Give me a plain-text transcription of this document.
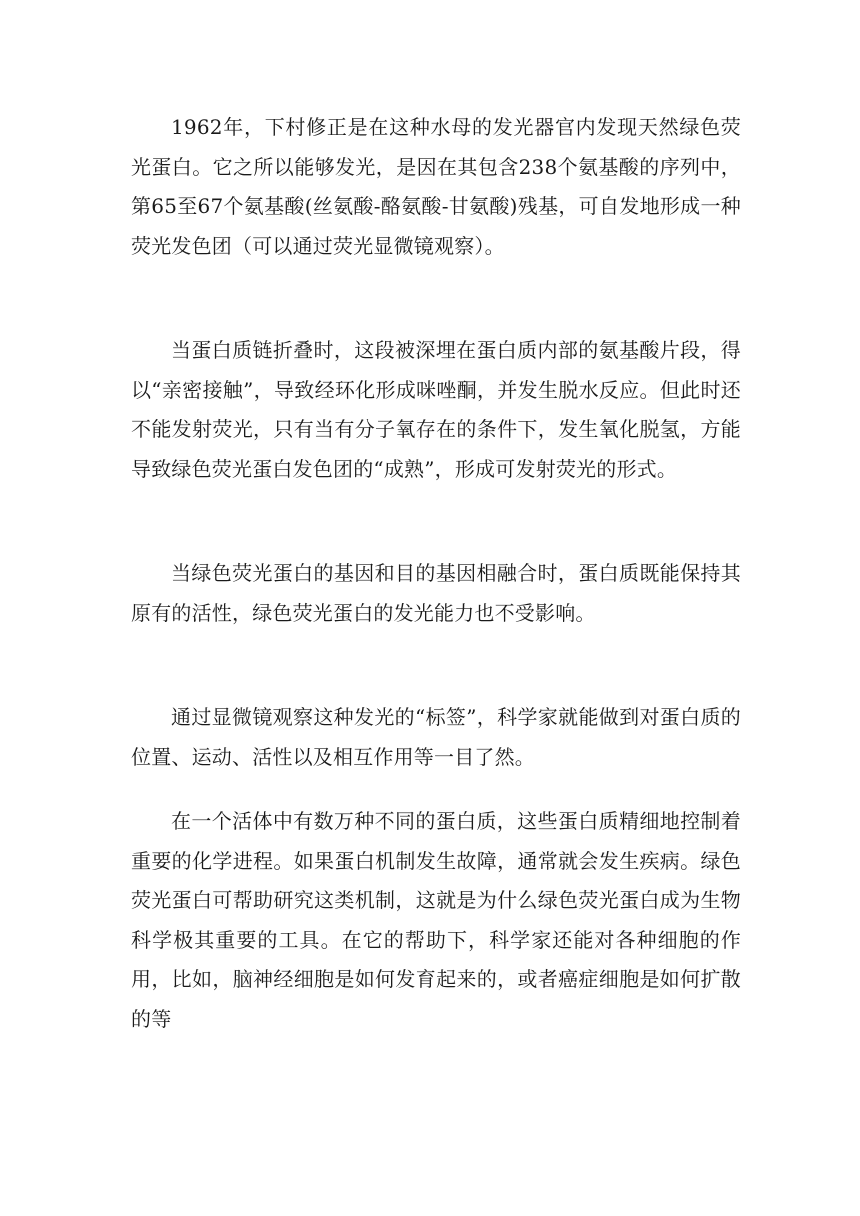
1962年，下村修正是在这种水母的发光器官内发现天然绿色荧光蛋白。它之所以能够发光，是因在其包含238个氨基酸的序列中，第65至67个氨基酸(丝氨酸-酪氨酸-甘氨酸)残基，可自发地形成一种荧光发色团（可以通过荧光显微镜观察）。

当蛋白质链折叠时，这段被深埋在蛋白质内部的氨基酸片段，得以“亲密接触”，导致经环化形成咪唑酮，并发生脱水反应。但此时还不能发射荧光，只有当有分子氧存在的条件下，发生氧化脱氢，方能导致绿色荧光蛋白发色团的“成熟”，形成可发射荧光的形式。

当绿色荧光蛋白的基因和目的基因相融合时，蛋白质既能保持其原有的活性，绿色荧光蛋白的发光能力也不受影响。

通过显微镜观察这种发光的“标签”，科学家就能做到对蛋白质的位置、运动、活性以及相互作用等一目了然。

在一个活体中有数万种不同的蛋白质，这些蛋白质精细地控制着重要的化学进程。如果蛋白机制发生故障，通常就会发生疾病。绿色荧光蛋白可帮助研究这类机制，这就是为什么绿色荧光蛋白成为生物科学极其重要的工具。在它的帮助下，科学家还能对各种细胞的作用，比如，脑神经细胞是如何发育起来的，或者癌症细胞是如何扩散的等
